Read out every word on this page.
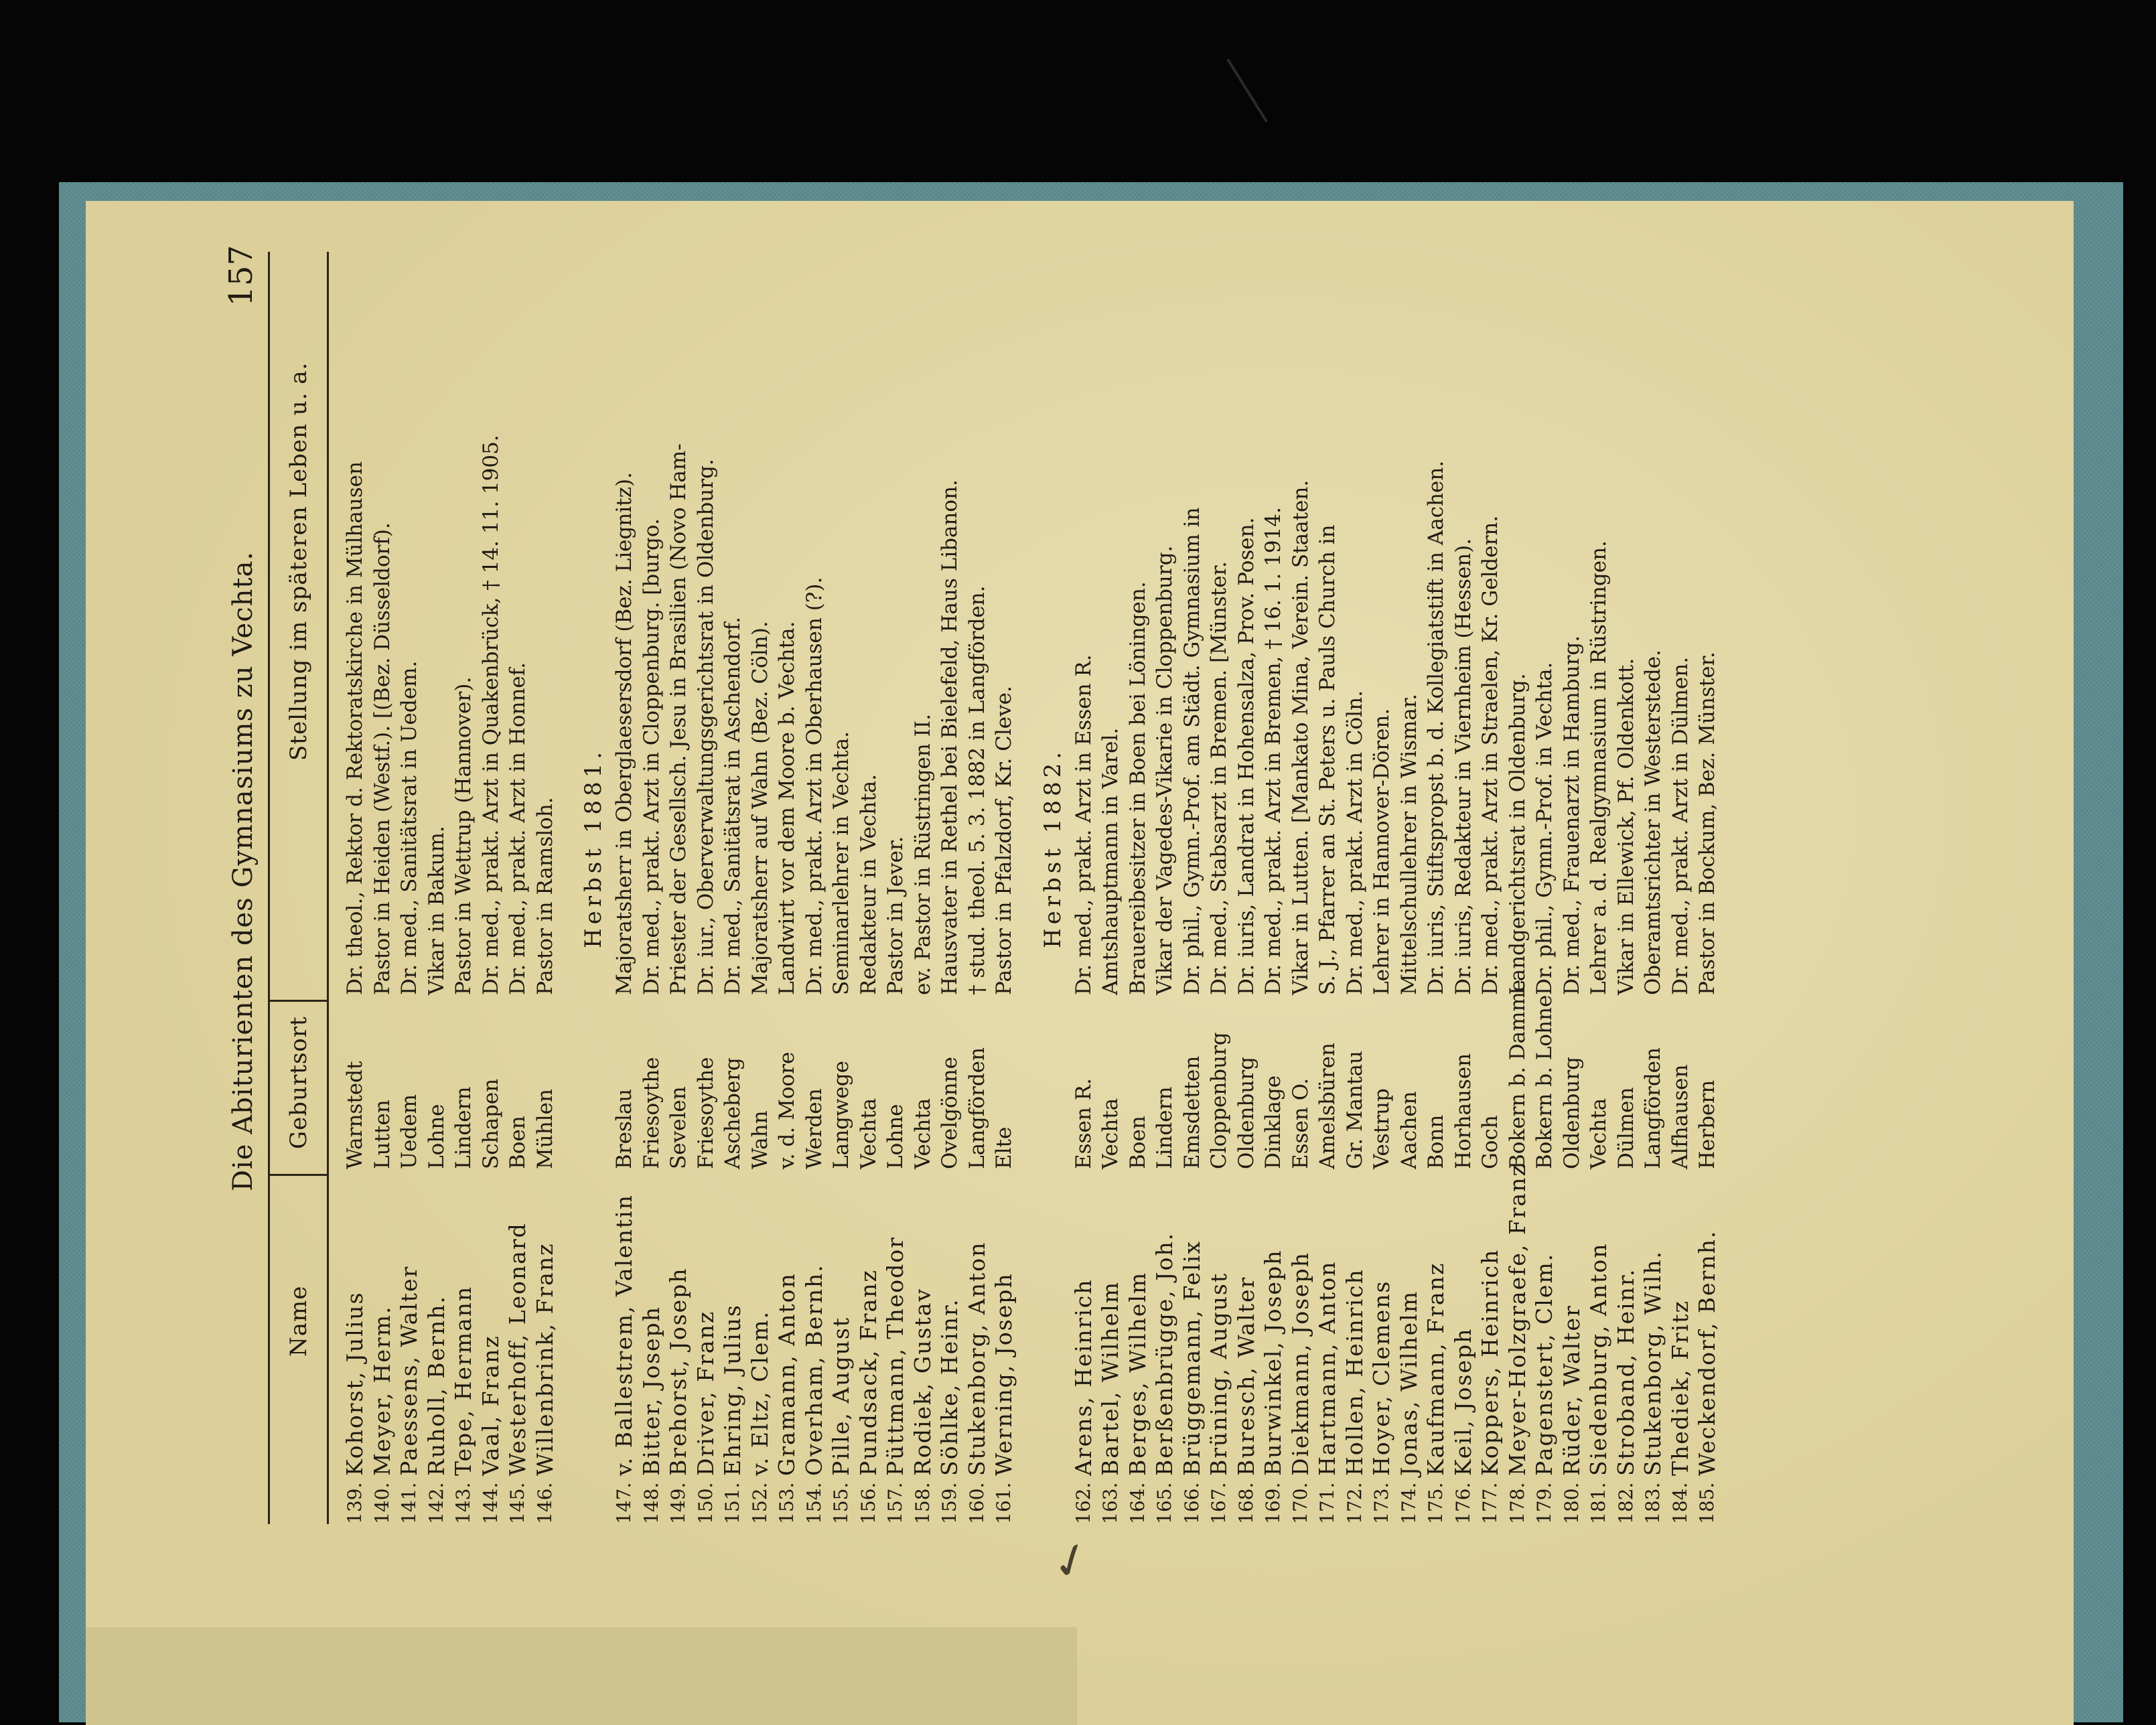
Die Abiturienten des Gymnasiums zu Vechta.
157
Name
Geburtsort
Stellung im späteren Leben u. a.
139.
Kohorst, Julius
Warnstedt
Dr. theol., Rektor d. Rektoratskirche in Mülhausen
140.
Meyer, Herm.
Lutten
Pastor in Heiden (Westf.). [(Bez. Düsseldorf).
141.
Paessens, Walter
Uedem
Dr. med., Sanitätsrat in Uedem.
142.
Ruholl, Bernh.
Lohne
Vikar in Bakum.
143.
Tepe, Hermann
Lindern
Pastor in Wettrup (Hannover).
144.
Vaal, Franz
Schapen
Dr. med., prakt. Arzt in Quakenbrück, † 14. 11. 1905.
145.
Westerhoff, Leonard
Boen
Dr. med., prakt. Arzt in Honnef.
146.
Willenbrink, Franz
Mühlen
Pastor in Ramsloh. Herbst 1881.
147.
v. Ballestrem, Valentin
Breslau
Majoratsherr in Oberglaesersdorf (Bez. Liegnitz).
148.
Bitter, Joseph
Friesoythe
Dr. med., prakt. Arzt in Cloppenburg. [burgo.
149.
Brehorst, Joseph
Sevelen
Priester der Gesellsch. Jesu in Brasilien (Novo Ham-
150.
Driver, Franz
Friesoythe
Dr. iur., Oberverwaltungsgerichtsrat in Oldenburg.
151.
Ehring, Julius
Ascheberg
Dr. med., Sanitätsrat in Aschendorf.
152.
v. Eltz, Clem.
Wahn
Majoratsherr auf Wahn (Bez. Cöln).
153.
Gramann, Anton
v. d. Moore
Landwirt vor dem Moore b. Vechta.
154.
Overham, Bernh.
Werden
Dr. med., prakt. Arzt in Oberhausen (?).
155.
Pille, August
Langwege
Seminarlehrer in Vechta.
156.
Pundsack, Franz
Vechta
Redakteur in Vechta.
157.
Püttmann, Theodor
Lohne
Pastor in Jever.
158.
Rodiek, Gustav
Vechta
ev. Pastor in Rüstringen II.
159.
Söhlke, Heinr.
Ovelgönne
Hausvater in Rethel bei Bielefeld, Haus Libanon.
160.
Stukenborg, Anton
Langförden
† stud. theol. 5. 3. 1882 in Langförden.
161.
Werning, Joseph
Elte
Pastor in Pfalzdorf, Kr. Cleve. Herbst 1882.
162.
Arens, Heinrich
Essen R.
Dr. med., prakt. Arzt in Essen R.
163.
Bartel, Wilhelm
Vechta
Amtshauptmann in Varel.
164.
Berges, Wilhelm
Boen
Brauereibesitzer in Boen bei Löningen.
165.
Berßenbrügge, Joh.
Lindern
Vikar der Vagedes-Vikarie in Cloppenburg.
166.
Brüggemann, Felix
Emsdetten
Dr. phil., Gymn.-Prof. am Städt. Gymnasium in
167.
Brüning, August
Cloppenburg
Dr. med., Stabsarzt in Bremen. [Münster.
168.
Buresch, Walter
Oldenburg
Dr. iuris, Landrat in Hohensalza, Prov. Posen.
169.
Burwinkel, Joseph
Dinklage
Dr. med., prakt. Arzt in Bremen, † 16. 1. 1914.
170.
Diekmann, Joseph
Essen O.
Vikar in Lutten. [Mankato Mina, Verein. Staaten.
171.
Hartmann, Anton
Amelsbüren
S. J., Pfarrer an St. Peters u. Pauls Church in
172.
Hollen, Heinrich
Gr. Mantau
Dr. med., prakt. Arzt in Cöln.
173.
Hoyer, Clemens
Vestrup
Lehrer in Hannover-Dören.
174.
Jonas, Wilhelm
Aachen
Mittelschullehrer in Wismar.
175.
Kaufmann, Franz
Bonn
Dr. iuris, Stiftspropst b. d. Kollegiatstift in Aachen.
176.
Keil, Joseph
Horhausen
Dr. iuris, Redakteur in Viernheim (Hessen).
177.
Koppers, Heinrich
Goch
Dr. med., prakt. Arzt in Straelen, Kr. Geldern.
178.
Meyer-Holzgraefe, Franz
Bokern b. Damme
Landgerichtsrat in Oldenburg.
179.
Pagenstert, Clem.
Bokern b. Lohne
Dr. phil., Gymn.-Prof. in Vechta.
180.
Rüder, Walter
Oldenburg
Dr. med., Frauenarzt in Hamburg.
181.
Siedenburg, Anton
Vechta
Lehrer a. d. Realgymnasium in Rüstringen.
182.
Stroband, Heinr.
Dülmen
Vikar in Ellewick, Pf. Oldenkott.
183.
Stukenborg, Wilh.
Langförden
Oberamtsrichter in Westerstede.
184.
Thediek, Fritz
Alfhausen
Dr. med., prakt. Arzt in Dülmen.
185.
Weckendorf, Bernh.
Herbern
Pastor in Bockum, Bez. Münster.
✓
